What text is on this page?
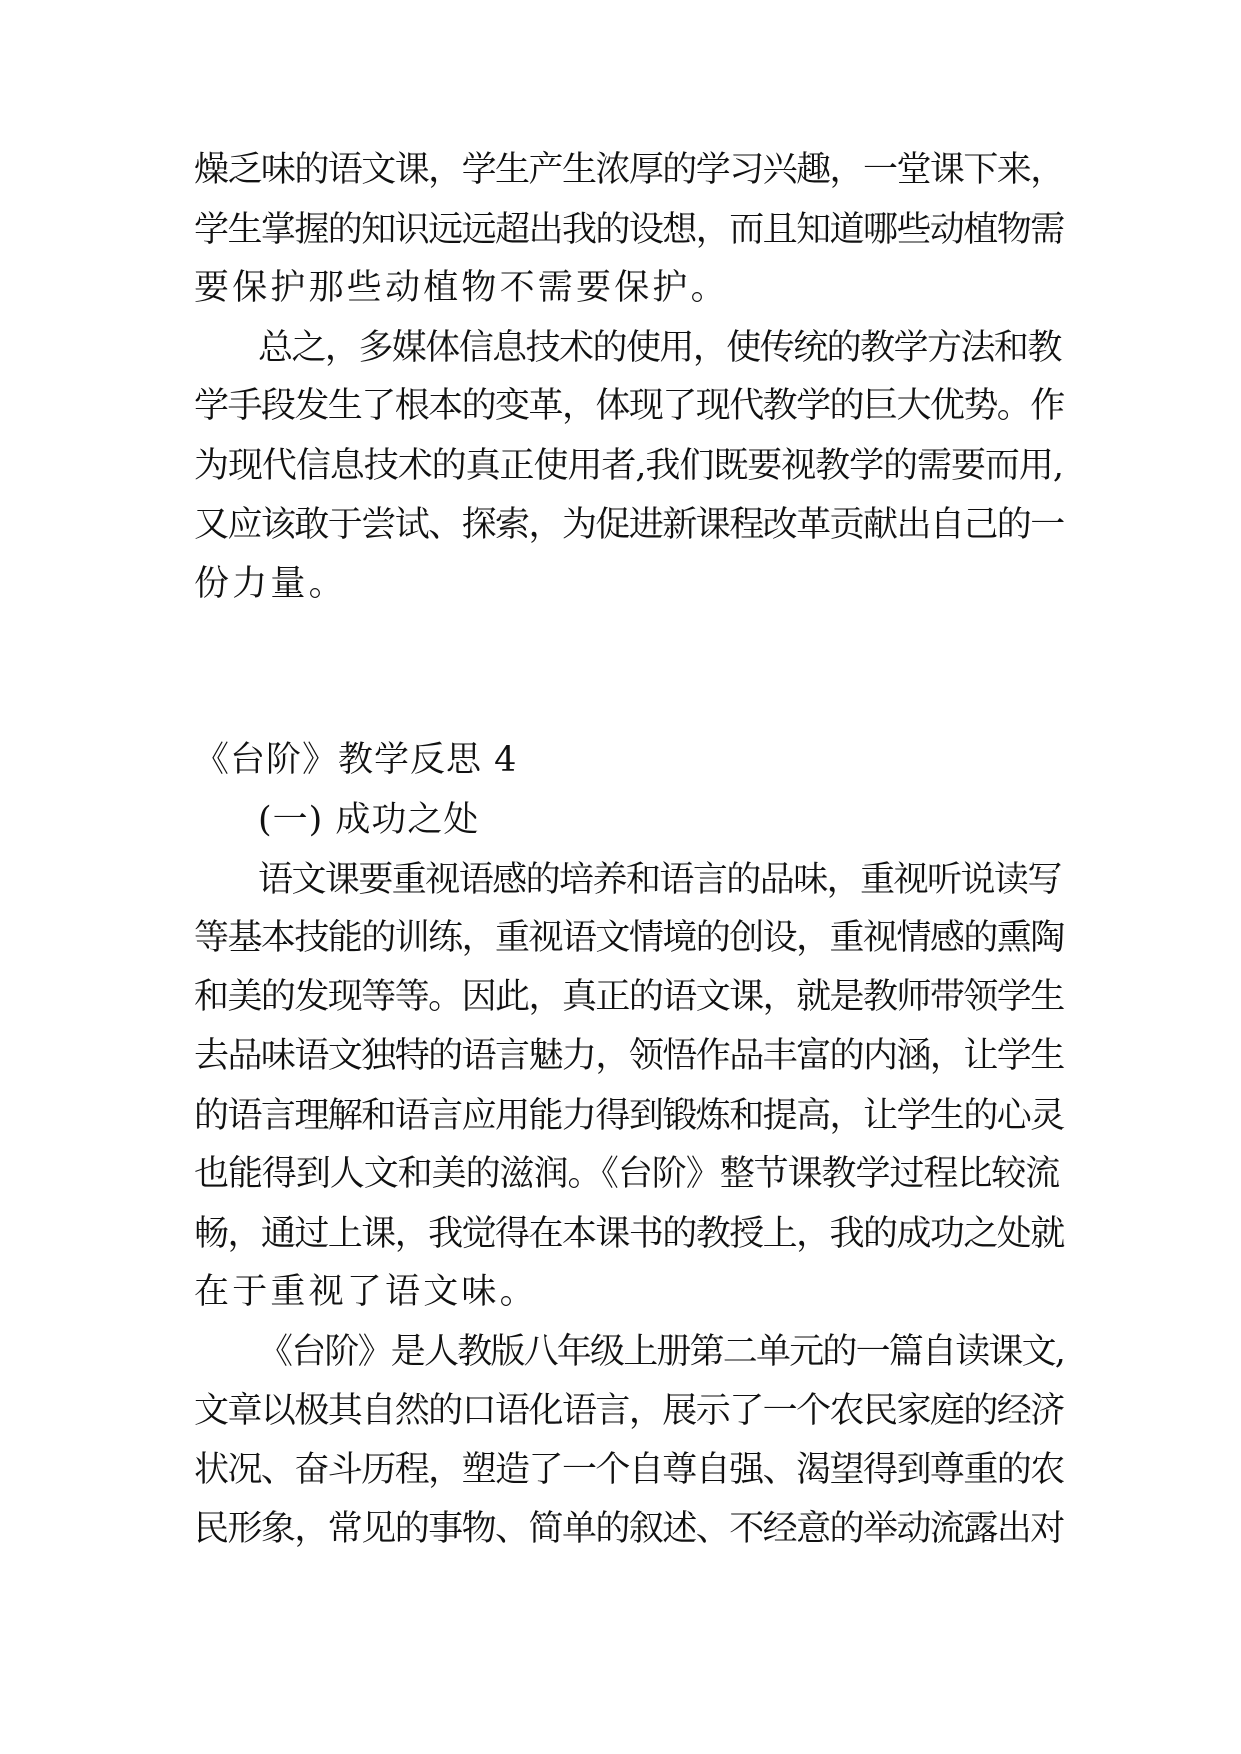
燥乏味的语文课，学生产生浓厚的学习兴趣，一堂课下来，
学生掌握的知识远远超出我的设想，而且知道哪些动植物需
要保护那些动植物不需要保护。
总之，多媒体信息技术的使用，使传统的教学方法和教
学手段发生了根本的变革，体现了现代教学的巨大优势。作
为现代信息技术的真正使用者,我们既要视教学的需要而用,
又应该敢于尝试、探索，为促进新课程改革贡献出自己的一
份力量。
《台阶》教学反思 4
(一) 成功之处
语文课要重视语感的培养和语言的品味，重视听说读写
等基本技能的训练，重视语文情境的创设，重视情感的熏陶
和美的发现等等。因此，真正的语文课，就是教师带领学生
去品味语文独特的语言魅力，领悟作品丰富的内涵，让学生
的语言理解和语言应用能力得到锻炼和提高，让学生的心灵
也能得到人文和美的滋润。《台阶》整节课教学过程比较流
畅，通过上课，我觉得在本课书的教授上，我的成功之处就
在于重视了语文味。
《台阶》是人教版八年级上册第二单元的一篇自读课文,
文章以极其自然的口语化语言，展示了一个农民家庭的经济
状况、奋斗历程，塑造了一个自尊自强、渴望得到尊重的农
民形象，常见的事物、简单的叙述、不经意的举动流露出对
